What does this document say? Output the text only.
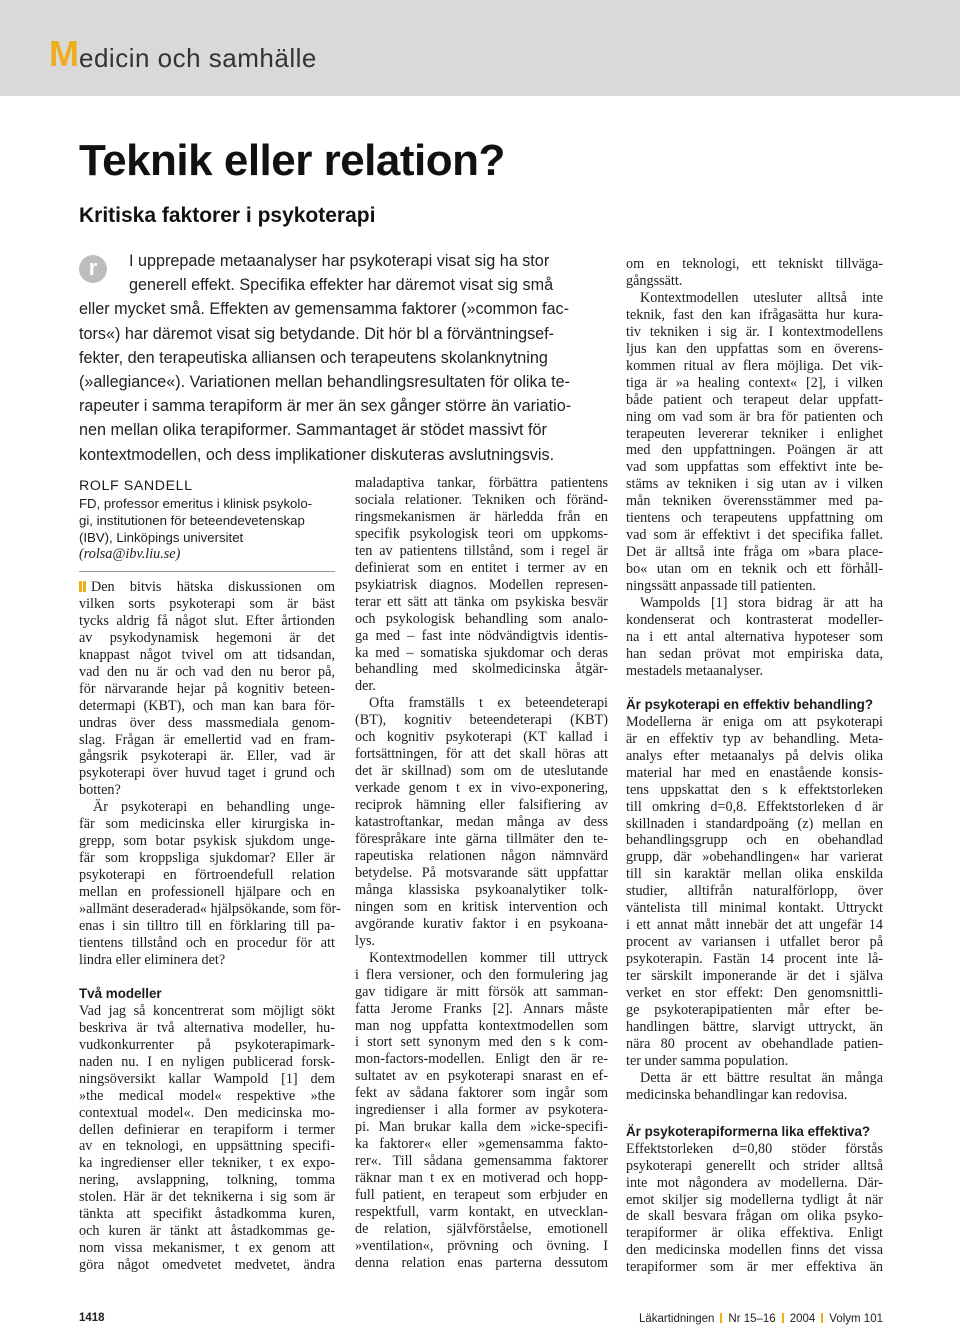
M edicin och samhälle
Teknik eller relation?
Kritiska faktorer i psykoterapi
r	I upprepade metaanalyser har psykoterapi visat sig ha stor
generell effekt. Specifika effekter har däremot visat sig små
eller mycket små. Effekten av gemensamma faktorer (»common fac-
tors«) har däremot visat sig betydande. Dit hör bl a förväntningsef-
fekter, den terapeutiska alliansen och terapeutens skolanknytning
(»allegiance«). Variationen mellan behandlingsresultaten för olika te-
rapeuter i samma terapiform är mer än sex gånger större än variatio-
nen mellan olika terapiformer. Sammantaget är stödet massivt för
kontextmodellen, och dess implikationer diskuteras avslutningsvis.
ROLF SANDELL
FD, professor emeritus i klinisk psykolo-
gi, institutionen för beteendevetenskap
(IBV), Linköpings universitet
(rolsa@ibv.liu.se)
Den bitvis hätska diskussionen om
vilken sorts psykoterapi som är bäst
tycks aldrig få något slut. Efter årtionden
av psykodynamisk hegemoni är det
knappast något tvivel om att tidsandan,
vad den nu är och vad den nu beror på,
för närvarande hejar på kognitiv beteen-
determapi (KBT), och man kan bara för-
undras över dess massmediala genom-
slag. Frågan är emellertid vad en fram-
gångsrik psykoterapi är. Eller, vad är
psykoterapi över huvud taget i grund och
botten?
Är psykoterapi en behandling unge-
fär som medicinska eller kirurgiska in-
grepp, som botar psykisk sjukdom unge-
fär som kroppsliga sjukdomar? Eller är
psykoterapi en förtroendefull relation
mellan en professionell hjälpare och en
»allmänt deseraderad« hjälpsökande, som för-
enas i sin tilltro till en förklaring till pa-
tientens tillstånd och en procedur för att
lindra eller eliminera det?
Två modeller
Vad jag så koncentrerat som möjligt sökt
beskriva är två alternativa modeller, hu-
vudkonkurrenter på psykoterapimark-
naden nu. I en nyligen publicerad forsk-
ningsöversikt kallar Wampold [1] dem
»the medical model« respektive »the
contextual model«. Den medicinska mo-
dellen definierar en terapiform i termer
av en teknologi, en uppsättning specifi-
ka ingredienser eller tekniker, t ex expo-
nering, avslappning, tolkning, tomma
stolen. Här är det teknikerna i sig som är
tänkta att specifikt åstadkomma kuren,
och kuren är tänkt att åstadkommas ge-
nom vissa mekanismer, t ex genom att
göra något omedvetet medvetet, ändra
maladaptiva tankar, förbättra patientens
sociala relationer. Tekniken och föränd-
ringsmekanismen är härledda från en
specifik psykologisk teori om uppkoms-
ten av patientens tillstånd, som i regel är
definierat som en entitet i termer av en
psykiatrisk diagnos. Modellen represen-
terar ett sätt att tänka om psykiska besvär
och psykologisk behandling som analo-
ga med – fast inte nödvändigtvis identis-
ka med – somatiska sjukdomar och deras
behandling med skolmedicinska åtgär-
der.
Ofta framställs t ex beteendeterapi
(BT), kognitiv beteendeterapi (KBT)
och kognitiv psykoterapi (KT kallad i
fortsättningen, för att det skall höras att
det är skillnad) som om de uteslutande
verkade genom t ex in vivo-exponering,
reciprok hämning eller falsifiering av
katastroftankar, medan många av dess
förespråkare inte gärna tillmäter den te-
rapeutiska relationen någon nämnvärd
betydelse. På motsvarande sätt uppfattar
många klassiska psykoanalytiker tolk-
ningen som en kritisk intervention och
avgörande kurativ faktor i en psykoana-
lys.
Kontextmodellen kommer till uttryck
i flera versioner, och den formulering jag
gav tidigare är mitt försök att samman-
fatta Jerome Franks [2]. Annars måste
man nog uppfatta kontextmodellen som
i stort sett synonym med den s k com-
mon-factors-modellen. Enligt den är re-
sultatet av en psykoterapi snarast en ef-
fekt av sådana faktorer som ingår som
ingredienser i alla former av psykotera-
pi. Man brukar kalla dem »icke-specifi-
ka faktorer« eller »gemensamma fakto-
rer«. Till sådana gemensamma faktorer
räknar man t ex en motiverad och hopp-
full patient, en terapeut som erbjuder en
respektfull, varm kontakt, en utvecklan-
de relation, självförståelse, emotionell
»ventilation«, prövning och övning. I
denna relation enas parterna dessutom
om en teknologi, ett tekniskt tillväga-
gångssätt.
Kontextmodellen utesluter alltså inte
teknik, fast den kan ifrågasätta hur kura-
tiv tekniken i sig är. I kontextmodellens
ljus kan den uppfattas som en överens-
kommen ritual av flera möjliga. Det vik-
tiga är »a healing context« [2], i vilken
både patient och terapeut delar uppfatt-
ning om vad som är bra för patienten och
terapeuten levererar tekniker i enlighet
med den uppfattningen. Poängen är att
vad som uppfattas som effektivt inte be-
stäms av tekniken i sig utan av i vilken
mån tekniken överensstämmer med pa-
tientens och terapeutens uppfattning om
vad som är effektivt i det specifika fallet.
Det är alltså inte fråga om »bara place-
bo« utan om en teknik och ett förhåll-
ningssätt anpassade till patienten.
Wampolds [1] stora bidrag är att ha
kondenserat och kontrasterat modeller-
na i ett antal alternativa hypoteser som
han sedan prövat mot empiriska data,
mestadels metaanalyser.
Är psykoterapi en effektiv behandling?
Modellerna är eniga om att psykoterapi
är en effektiv typ av behandling. Meta-
analys efter metaanalys på delvis olika
material har med en enastående konsis-
tens uppskattat den s k effektstorleken
till omkring d=0,8. Effektstorleken d är
skillnaden i standardpoäng (z) mellan en
behandlingsgrupp och en obehandlad
grupp, där »obehandlingen« har varierat
till sin karaktär mellan olika enskilda
studier, alltifrån naturalförlopp, över
väntelista till minimal kontakt. Uttryckt
i ett annat mått innebär det att ungefär 14
procent av variansen i utfallet beror på
psykoterapin. Fastän 14 procent inte lå-
ter särskilt imponerande är det i själva
verket en stor effekt: Den genomsnittli-
ge psykoterapipatienten mår efter be-
handlingen bättre, slarvigt uttryckt, än
nära 80 procent av obehandlade patien-
ter under samma population.
Detta är ett bättre resultat än många
medicinska behandlingar kan redovisa.
Är psykoterapiformerna lika effektiva?
Effektstorleken d=0,80 stöder förstås
psykoterapi generellt och strider alltså
inte mot någondera av modellerna. Där-
emot skiljer sig modellerna tydligt åt när
de skall besvara frågan om olika psyko-
terapiformer är olika effektiva. Enligt
den medicinska modellen finns det vissa
terapiformer som är mer effektiva än
1418	Läkartidningen Nr 15–16 2004 Volym 101
